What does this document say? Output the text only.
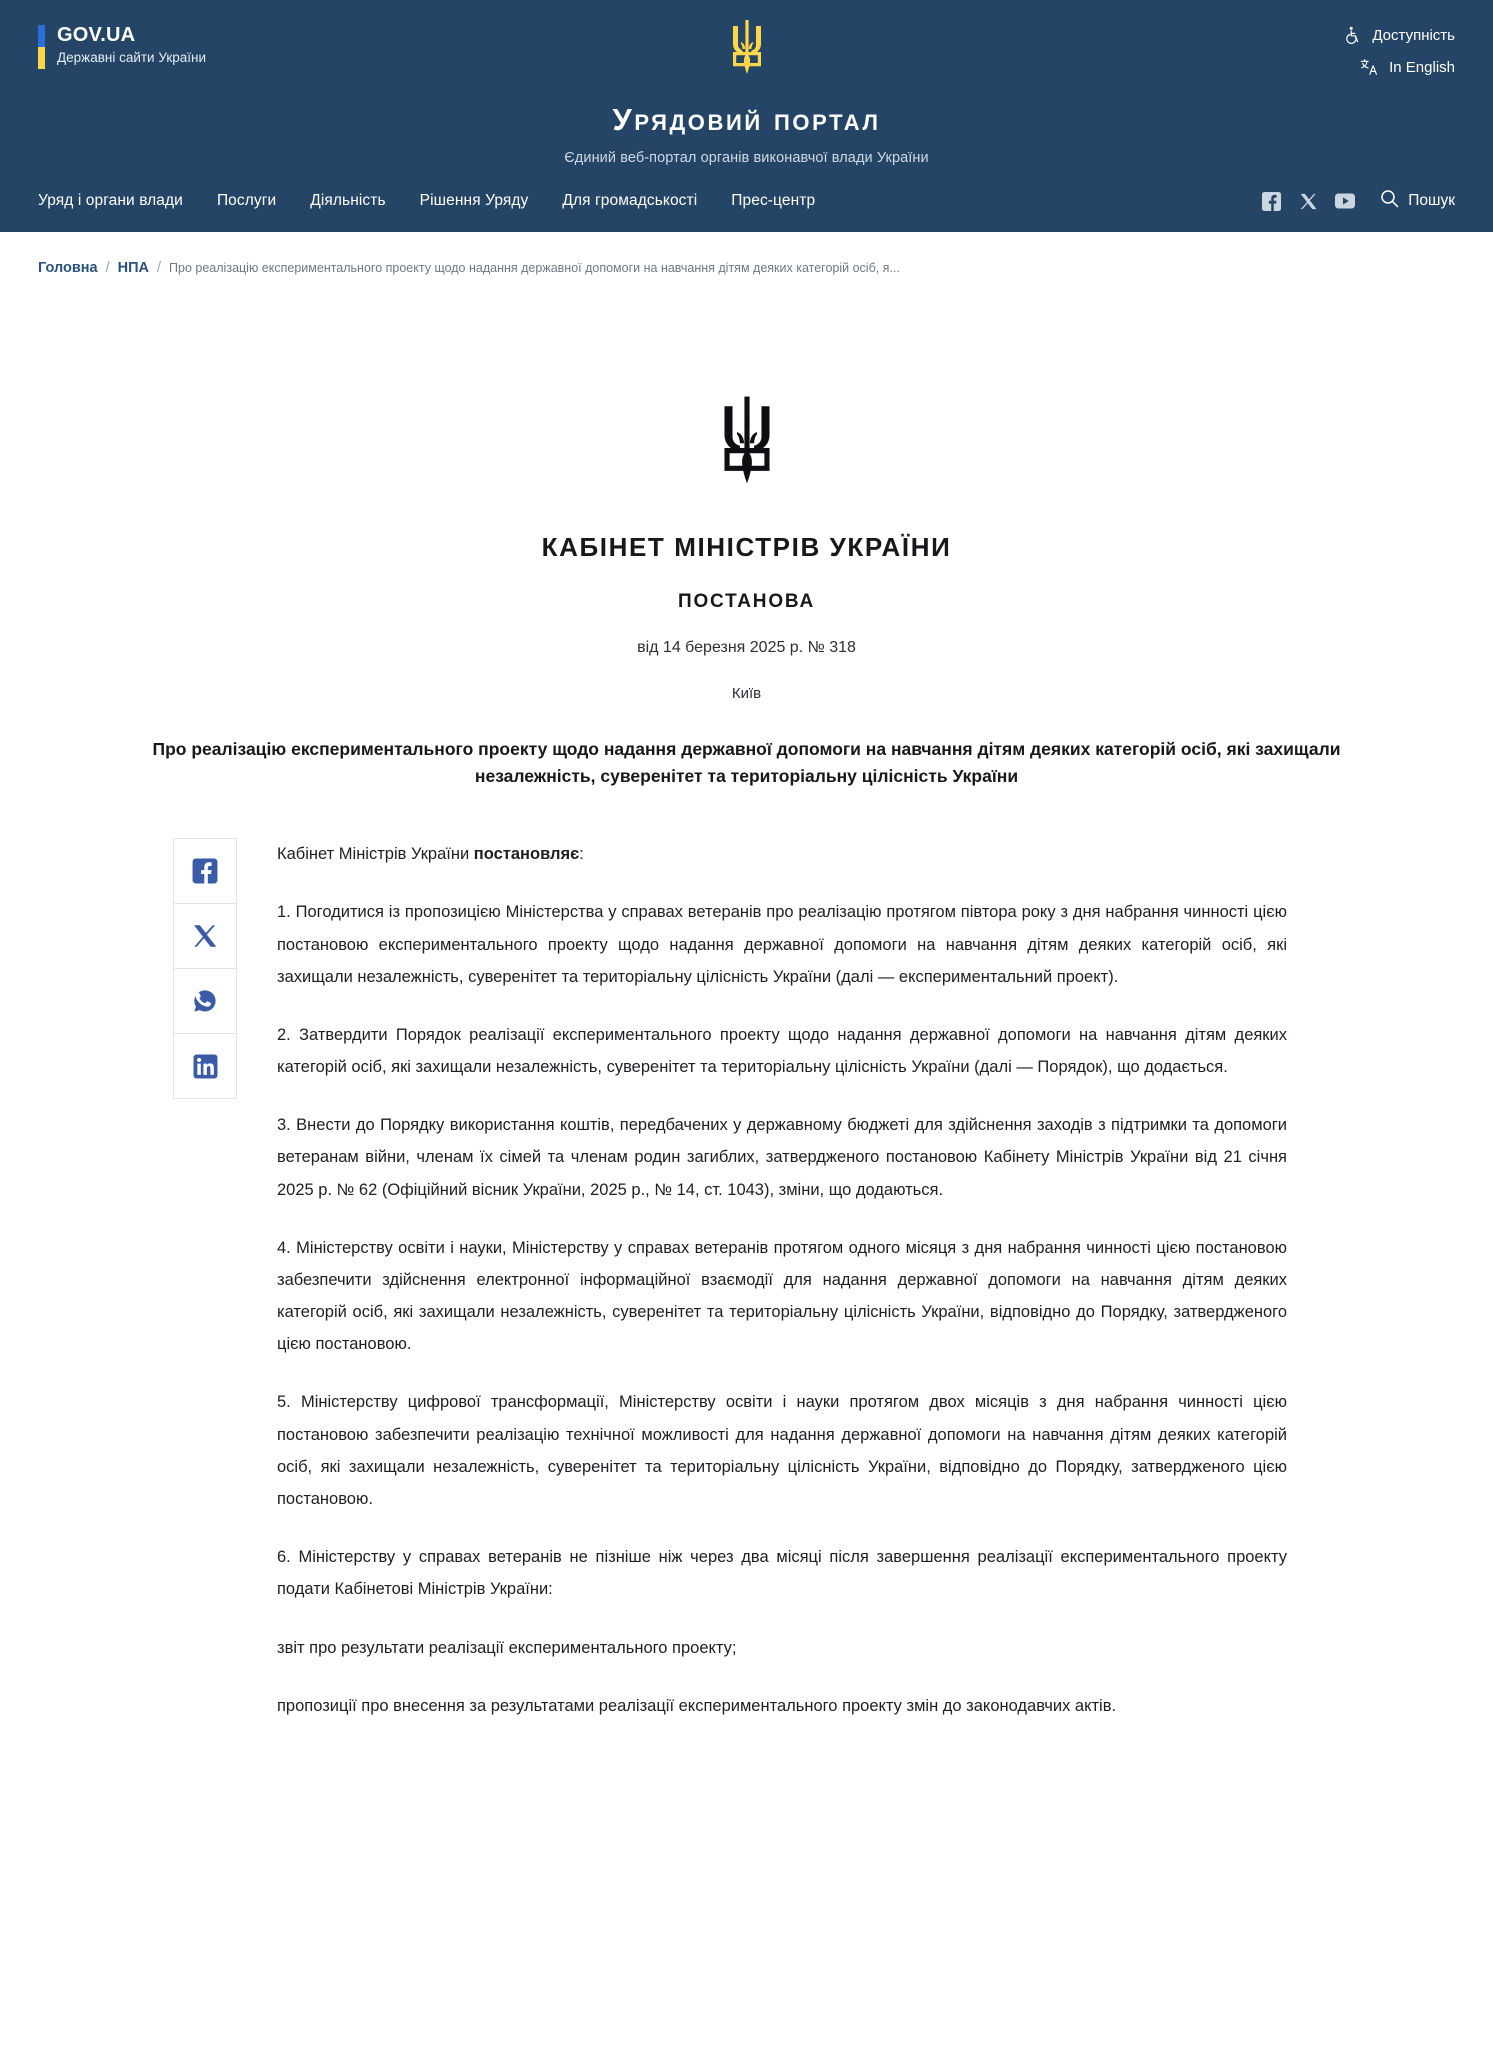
GOV.UA
Державні сайти України
Доступність
In English
Урядовий портал
Єдиний веб-портал органів виконавчої влади України
Уряд і органи влади Послуги Діяльність Рішення Уряду Для громадськості Прес-центр	Пошук
Головна / НПА / Про реалізацію експериментального проекту щодо надання державної допомоги на навчання дітям деяких категорій осіб, я...
КАБІНЕТ МІНІСТРІВ УКРАЇНИ
ПОСТАНОВА
від 14 березня 2025 р. № 318
Київ
Про реалізацію експериментального проекту щодо надання державної допомоги на навчання дітям деяких категорій осіб, які захищали незалежність, суверенітет та територіальну цілісність України

Кабінет Міністрів України постановляє:

1. Погодитися із пропозицією Міністерства у справах ветеранів про реалізацію протягом півтора року з дня набрання чинності цією постановою експериментального проекту щодо надання державної допомоги на навчання дітям деяких категорій осіб, які захищали незалежність, суверенітет та територіальну цілісність України (далі — експериментальний проект).

2. Затвердити Порядок реалізації експериментального проекту щодо надання державної допомоги на навчання дітям деяких категорій осіб, які захищали незалежність, суверенітет та територіальну цілісність України (далі — Порядок), що додається.

3. Внести до Порядку використання коштів, передбачених у державному бюджеті для здійснення заходів з підтримки та допомоги ветеранам війни, членам їх сімей та членам родин загиблих, затвердженого постановою Кабінету Міністрів України від 21 січня 2025 р. № 62 (Офіційний вісник України, 2025 р., № 14, ст. 1043), зміни, що додаються.

4. Міністерству освіти і науки, Міністерству у справах ветеранів протягом одного місяця з дня набрання чинності цією постановою забезпечити здійснення електронної інформаційної взаємодії для надання державної допомоги на навчання дітям деяких категорій осіб, які захищали незалежність, суверенітет та територіальну цілісність України, відповідно до Порядку, затвердженого цією постановою.

5. Міністерству цифрової трансформації, Міністерству освіти і науки протягом двох місяців з дня набрання чинності цією постановою забезпечити реалізацію технічної можливості для надання державної допомоги на навчання дітям деяких категорій осіб, які захищали незалежність, суверенітет та територіальну цілісність України, відповідно до Порядку, затвердженого цією постановою.

6. Міністерству у справах ветеранів не пізніше ніж через два місяці після завершення реалізації експериментального проекту подати Кабінетові Міністрів України:

звіт про результати реалізації експериментального проекту;

пропозиції про внесення за результатами реалізації експериментального проекту змін до законодавчих актів.
